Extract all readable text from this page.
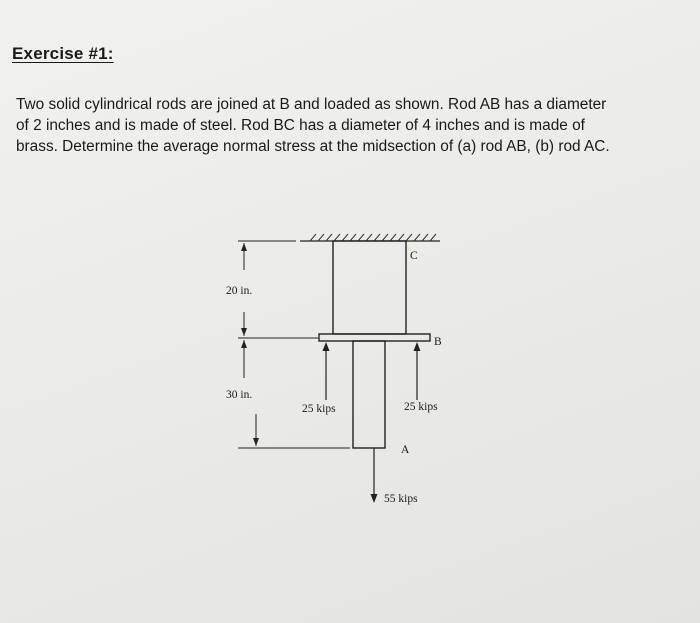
Exercise #1:

Two solid cylindrical rods are joined at B and loaded as shown. Rod AB has a diameter
of 2 inches and is made of steel. Rod BC has a diameter of 4 inches and is made of
brass. Determine the average normal stress at the midsection of (a) rod AB, (b) rod AC.

C
B
A
20 in.
30 in.
25 kips	25 kips
55 kips
